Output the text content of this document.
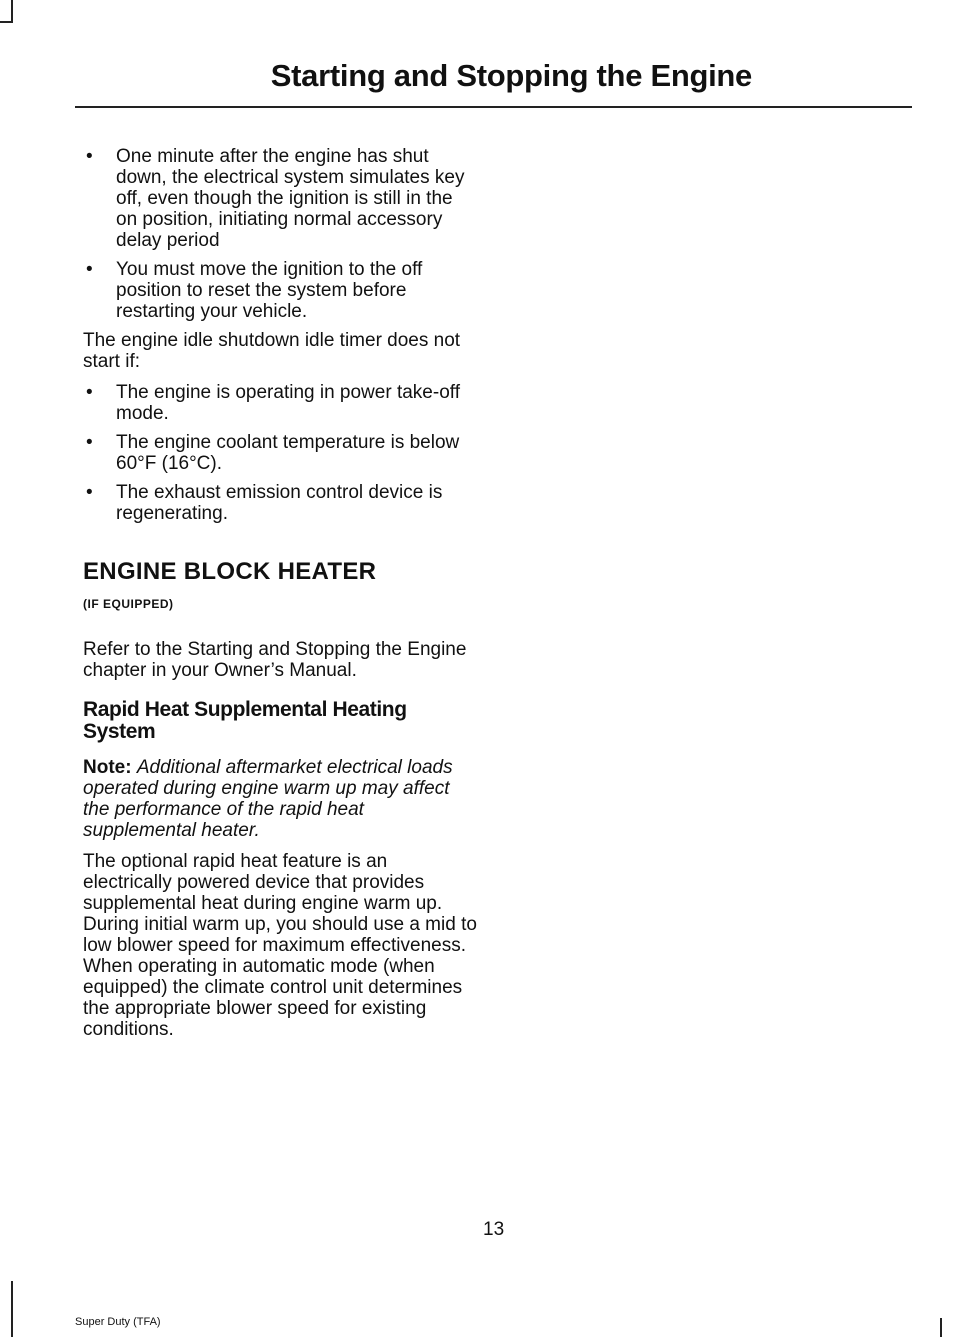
Starting and Stopping the Engine
• One minute after the engine has shut down, the electrical system simulates key off, even though the ignition is still in the on position, initiating normal accessory delay period
• You must move the ignition to the off position to reset the system before restarting your vehicle.

The engine idle shutdown idle timer does not start if:

• The engine is operating in power take-off mode.
• The engine coolant temperature is below 60°F (16°C).
• The exhaust emission control device is regenerating.
ENGINE BLOCK HEATER
(IF EQUIPPED)

Refer to the Starting and Stopping the Engine chapter in your Owner’s Manual.

Rapid Heat Supplemental Heating System

Note: Additional aftermarket electrical loads operated during engine warm up may affect the performance of the rapid heat supplemental heater.

The optional rapid heat feature is an electrically powered device that provides supplemental heat during engine warm up. During initial warm up, you should use a mid to low blower speed for maximum effectiveness. When operating in automatic mode (when equipped) the climate control unit determines the appropriate blower speed for existing conditions.

13
Super Duty (TFA)
